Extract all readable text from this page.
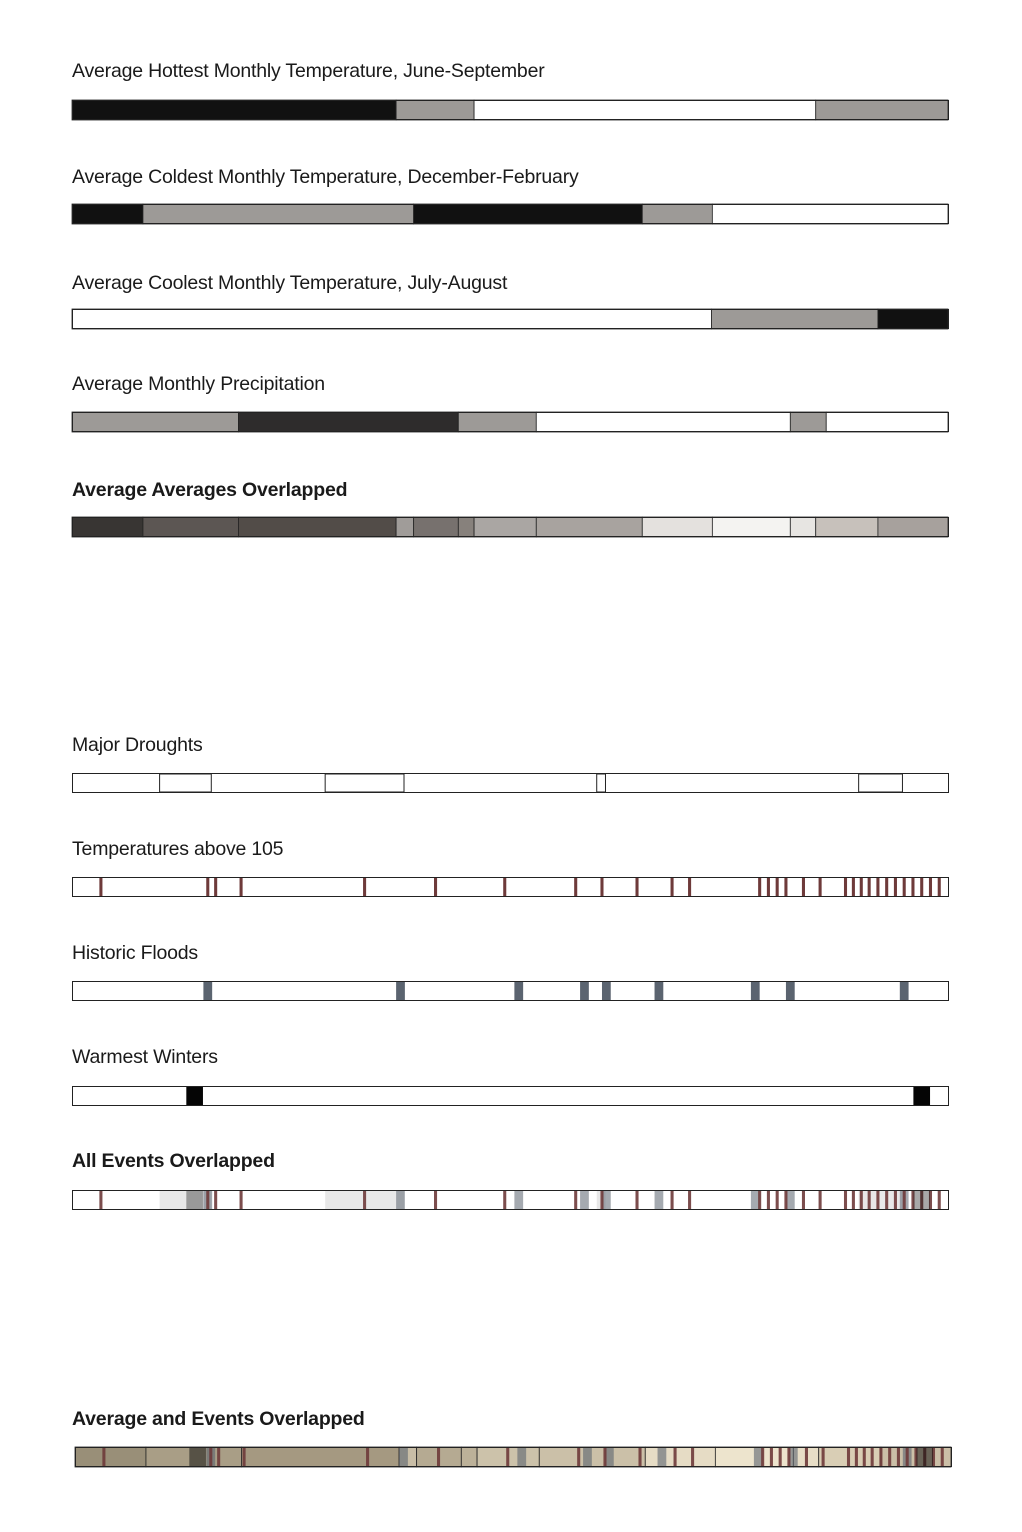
Average Hottest Monthly Temperature, June-September
Average Coldest Monthly Temperature, December-February
Average Coolest Monthly Temperature, July-August
Average Monthly Precipitation
Average Averages Overlapped
Major Droughts
Temperatures above 105
Historic Floods
Warmest Winters
All Events Overlapped
Average and Events Overlapped
